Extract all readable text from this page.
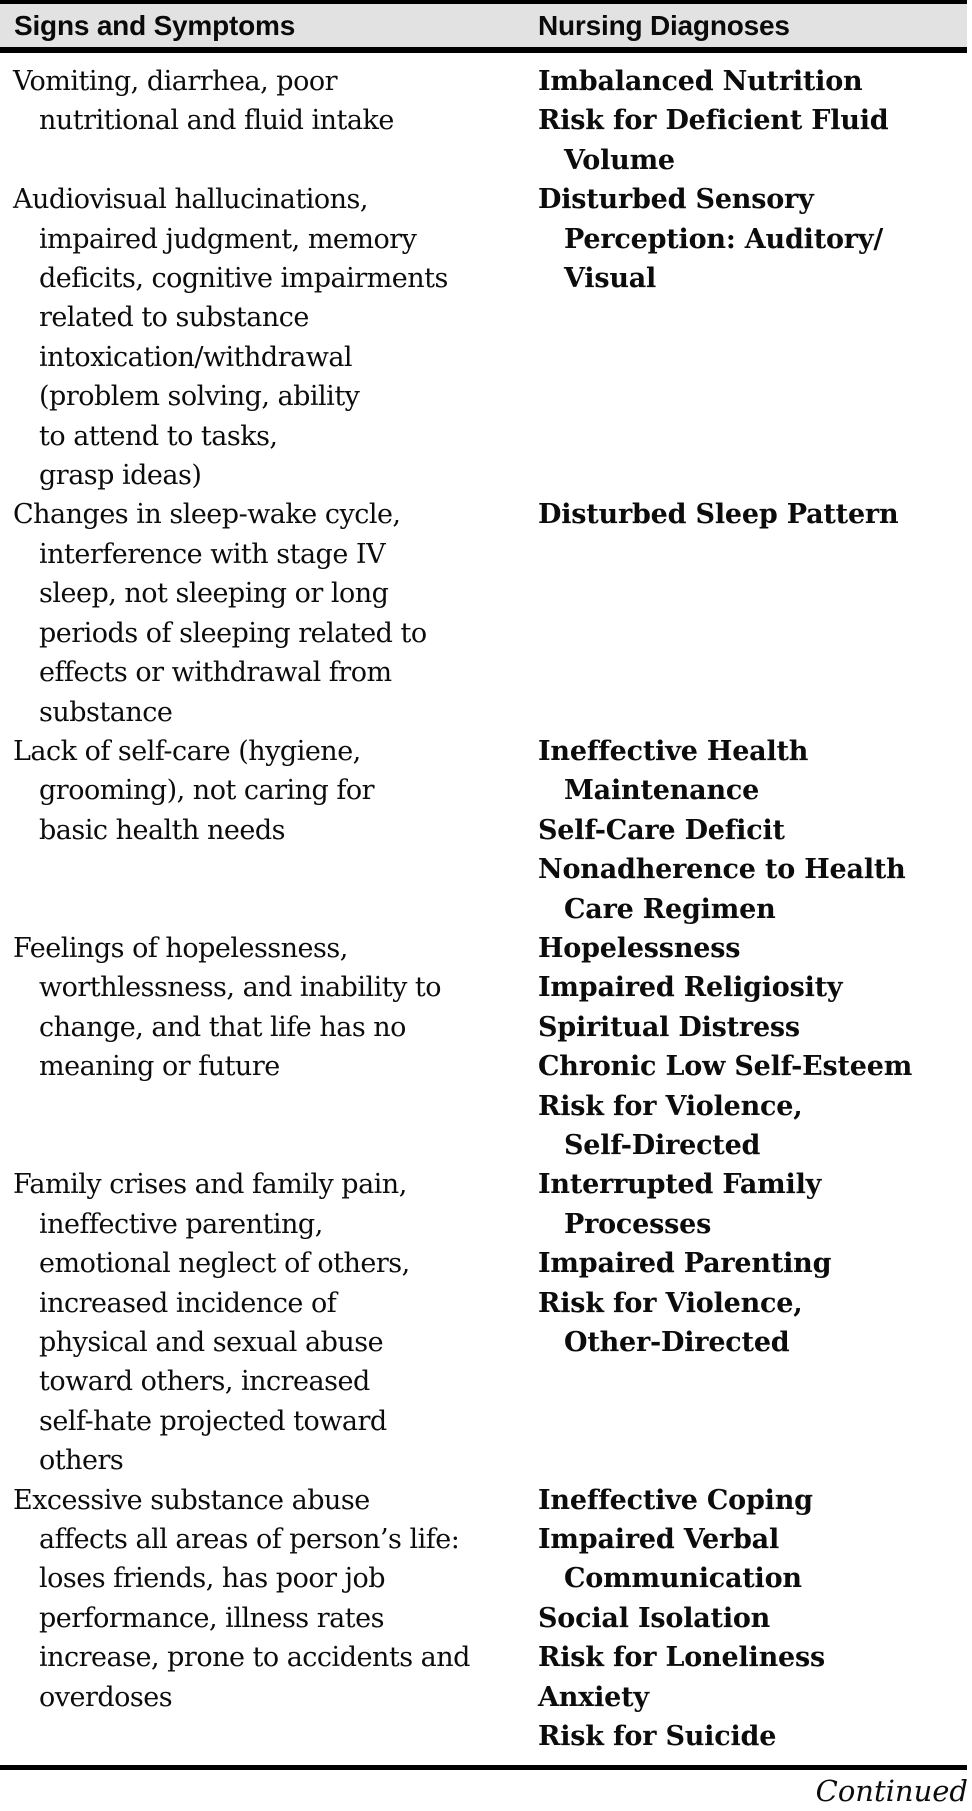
Signs and Symptoms	Nursing Diagnoses
Vomiting, diarrhea, poor
nutritional and fluid intake
Imbalanced Nutrition
Risk for Deficient Fluid
Volume
Audiovisual hallucinations,
impaired judgment, memory
deficits, cognitive impairments
related to substance
intoxication/withdrawal
(problem solving, ability
to attend to tasks,
grasp ideas)
Disturbed Sensory
Perception: Auditory/
Visual
Changes in sleep-wake cycle,
interference with stage IV
sleep, not sleeping or long
periods of sleeping related to
effects or withdrawal from
substance
Disturbed Sleep Pattern
Lack of self-care (hygiene,
grooming), not caring for
basic health needs
Ineffective Health
Maintenance
Self-Care Deficit
Nonadherence to Health
Care Regimen
Feelings of hopelessness,
worthlessness, and inability to
change, and that life has no
meaning or future
Hopelessness
Impaired Religiosity
Spiritual Distress
Chronic Low Self-Esteem
Risk for Violence,
Self-Directed
Family crises and family pain,
ineffective parenting,
emotional neglect of others,
increased incidence of
physical and sexual abuse
toward others, increased
self-hate projected toward
others
Interrupted Family
Processes
Impaired Parenting
Risk for Violence,
Other-Directed
Excessive substance abuse
affects all areas of person’s life:
loses friends, has poor job
performance, illness rates
increase, prone to accidents and
overdoses
Ineffective Coping
Impaired Verbal
Communication
Social Isolation
Risk for Loneliness
Anxiety
Risk for Suicide
Continued
